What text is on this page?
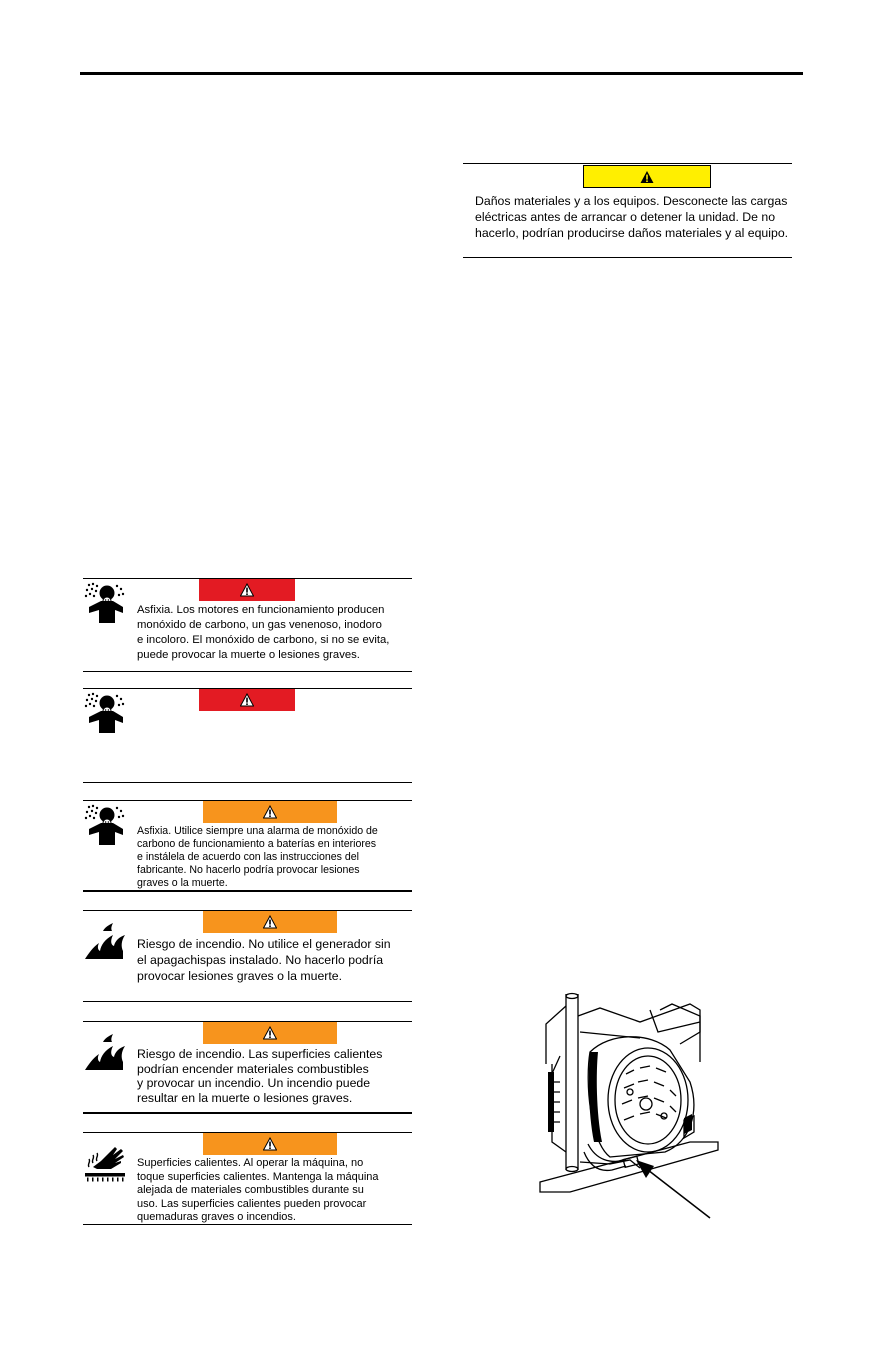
Daños materiales y a los equipos. Desconecte las cargas
eléctricas antes de arrancar o detener la unidad. De no
hacerlo, podrían producirse daños materiales y al equipo.
Asfixia. Los motores en funcionamiento producen
monóxido de carbono, un gas venenoso, inodoro
e incoloro. El monóxido de carbono, si no se evita,
puede provocar la muerte o lesiones graves.
Asfixia. Utilice siempre una alarma de monóxido de
carbono de funcionamiento a baterías en interiores
e instálela de acuerdo con las instrucciones del
fabricante. No hacerlo podría provocar lesiones
graves o la muerte.
Riesgo de incendio. No utilice el generador sin
el apagachispas instalado. No hacerlo podría
provocar lesiones graves o la muerte.
Riesgo de incendio. Las superficies calientes
podrían encender materiales combustibles
y provocar un incendio. Un incendio puede
resultar en la muerte o lesiones graves.
Superficies calientes. Al operar la máquina, no
toque superficies calientes. Mantenga la máquina
alejada de materiales combustibles durante su
uso. Las superficies calientes pueden provocar
quemaduras graves o incendios.
